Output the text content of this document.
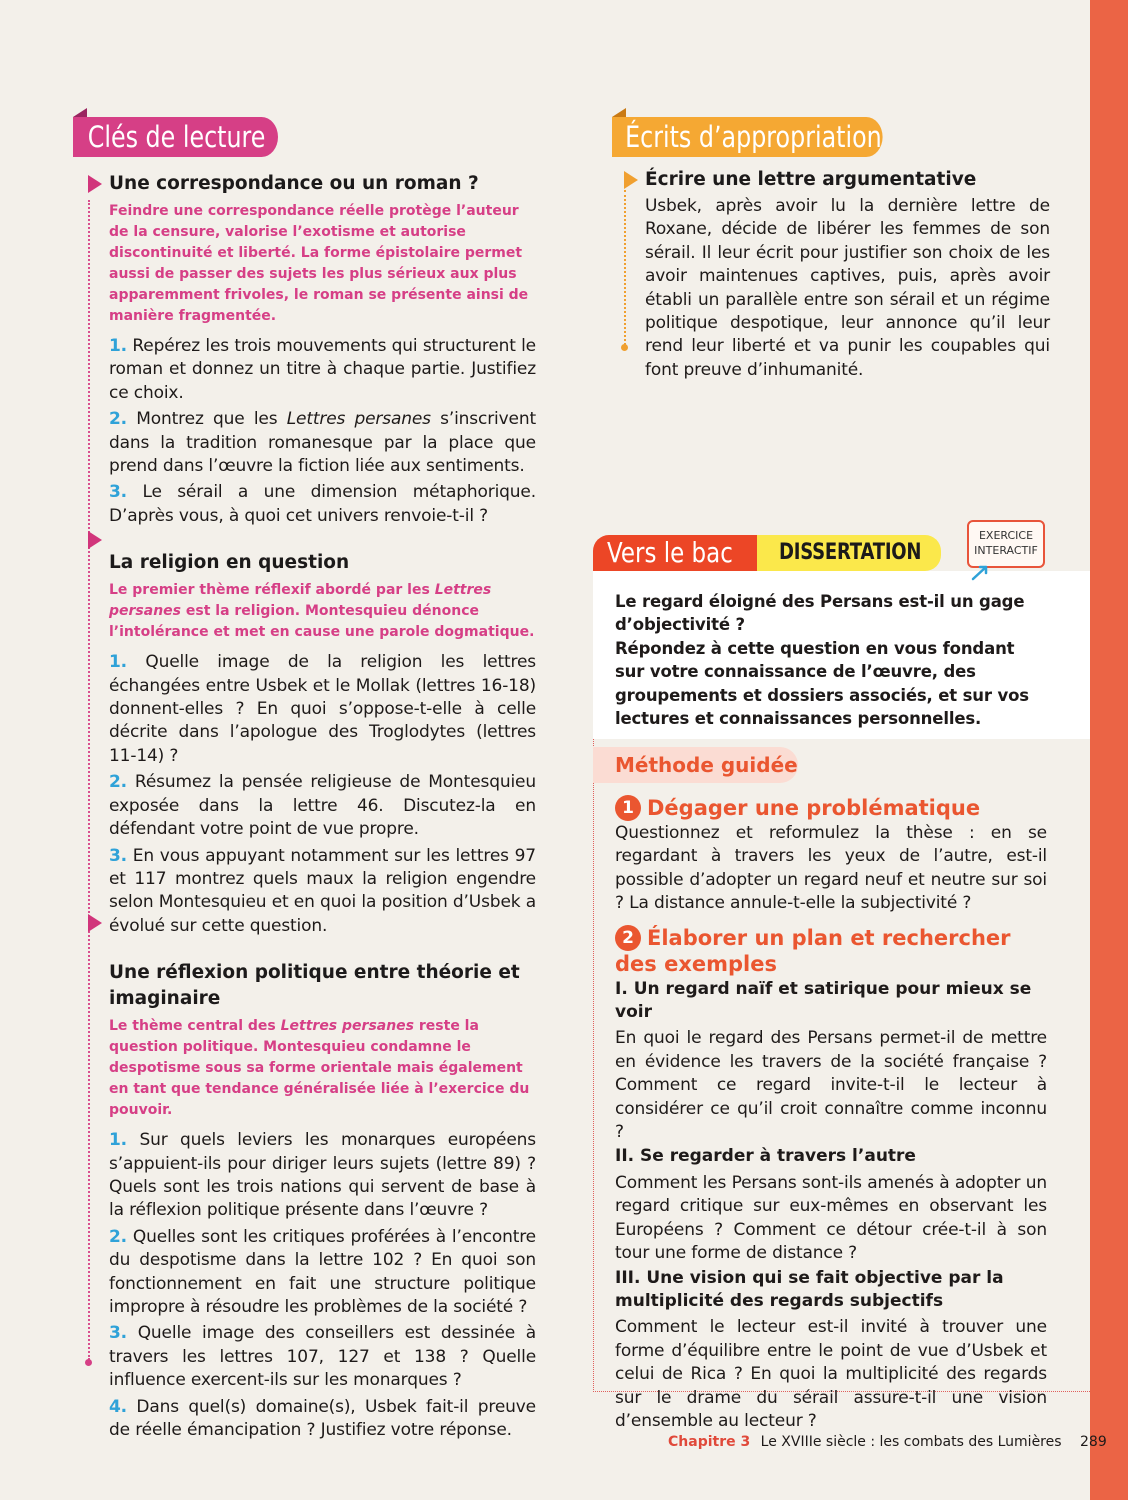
Clés de lecture
Une correspondance ou un roman ?
Feindre une correspondance réelle protège l’auteur de la censure, valorise l’exotisme et autorise discontinuité et liberté. La forme épistolaire permet aussi de passer des sujets les plus sérieux aux plus apparemment frivoles, le roman se présente ainsi de manière fragmentée.

1. Repérez les trois mouvements qui structurent le roman et donnez un titre à chaque partie. Justifiez ce choix.

2. Montrez que les Lettres persanes s’inscrivent dans la tradition romanesque par la place que prend dans l’œuvre la fiction liée aux sentiments.

3. Le sérail a une dimension métaphorique. D’après vous, à quoi cet univers renvoie-t-il ?

La religion en question
Le premier thème réflexif abordé par les Lettres persanes est la religion. Montesquieu dénonce l’intolérance et met en cause une parole dogmatique.

1. Quelle image de la religion les lettres échangées entre Usbek et le Mollak (lettres 16-18) donnent-elles ? En quoi s’oppose-t-elle à celle décrite dans l’apologue des Troglodytes (lettres 11-14) ?

2. Résumez la pensée religieuse de Montesquieu exposée dans la lettre 46. Discutez-la en défendant votre point de vue propre.

3. En vous appuyant notamment sur les lettres 97 et 117 montrez quels maux la religion engendre selon Montesquieu et en quoi la position d’Usbek a évolué sur cette question.

Une réflexion politique entre théorie et imaginaire
Le thème central des Lettres persanes reste la question politique. Montesquieu condamne le despotisme sous sa forme orientale mais également en tant que tendance généralisée liée à l’exercice du pouvoir.

1. Sur quels leviers les monarques européens s’appuient-ils pour diriger leurs sujets (lettre 89) ? Quels sont les trois nations qui servent de base à la réflexion politique présente dans l’œuvre ?

2. Quelles sont les critiques proférées à l’encontre du despotisme dans la lettre 102 ? En quoi son fonctionnement en fait une structure politique impropre à résoudre les problèmes de la société ?

3. Quelle image des conseillers est dessinée à travers les lettres 107, 127 et 138 ? Quelle influence exercent-ils sur les monarques ?

4. Dans quel(s) domaine(s), Usbek fait-il preuve de réelle émancipation ? Justifiez votre réponse.

Écrits d’appropriation
Écrire une lettre argumentative

Usbek, après avoir lu la dernière lettre de Roxane, décide de libérer les femmes de son sérail. Il leur écrit pour justifier son choix de les avoir maintenues captives, puis, après avoir établi un parallèle entre son sérail et un régime politique despotique, leur annonce qu’il leur rend leur liberté et va punir les coupables qui font preuve d’inhumanité.

Vers le bac	DISSERTATION
EXERCICE
INTERACTIF

Le regard éloigné des Persans est-il un gage d’objectivité ?

Répondez à cette question en vous fondant sur votre connaissance de l’œuvre, des groupements et dossiers associés, et sur vos lectures et connaissances personnelles.

Méthode guidée
1 Dégager une problématique

Questionnez et reformulez la thèse : en se regardant à travers les yeux de l’autre, est-il possible d’adopter un regard neuf et neutre sur soi ? La distance annule-t-elle la subjectivité ?

2 Élaborer un plan et rechercher des exemples
I. Un regard naïf et satirique pour mieux se voir

En quoi le regard des Persans permet-il de mettre en évidence les travers de la société française ? Comment ce regard invite-t-il le lecteur à considérer ce qu’il croit connaître comme inconnu ?

II. Se regarder à travers l’autre

Comment les Persans sont-ils amenés à adopter un regard critique sur eux-mêmes en observant les Européens ? Comment ce détour crée-t-il à son tour une forme de distance ?

III. Une vision qui se fait objective par la multiplicité des regards subjectifs

Comment le lecteur est-il invité à trouver une forme d’équilibre entre le point de vue d’Usbek et celui de Rica ? En quoi la multiplicité des regards sur le drame du sérail assure-t-il une vision d’ensemble au lecteur ?

Chapitre 3 Le XVIIIe siècle : les combats des Lumières 289
